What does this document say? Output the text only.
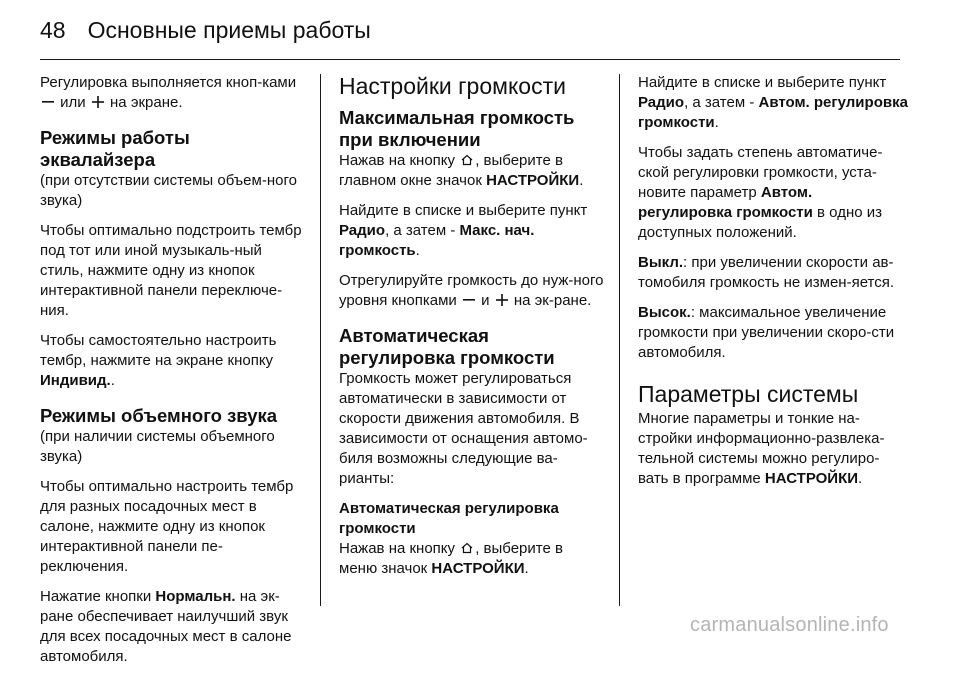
48 Основные приемы работы

Регулировка выполняется кноп-ками  или  на экране.

Режимы работы эквалайзера

(при отсутствии системы объем-ного звука)

Чтобы оптимально подстроить тембр под тот или иной музыкаль-ный стиль, нажмите одну из кнопок интерактивной панели переключе-ния.

Чтобы самостоятельно настроить тембр, нажмите на экране кнопку Индивид..

Режимы объемного звука

(при наличии системы объемного звука)

Чтобы оптимально настроить тембр для разных посадочных мест в салоне, нажмите одну из кнопок интерактивной панели пе-реключения.

Нажатие кнопки Нормальн. на эк-ране обеспечивает наилучший звук для всех посадочных мест в салоне автомобиля.

Настройки громкости
Максимальная громкость при включении

Нажав на кнопку , выберите в главном окне значок НАСТРОЙКИ.

Найдите в списке и выберите пункт Радио, а затем - Макс. нач. громкость.

Отрегулируйте громкость до нуж-ного уровня кнопками  и  на эк-ране.

Автоматическая регулировка громкости

Громкость может регулироваться автоматически в зависимости от скорости движения автомобиля. В зависимости от оснащения автомо-биля возможны следующие ва-рианты:

Автоматическая регулировка громкости

Нажав на кнопку , выберите в меню значок НАСТРОЙКИ.

Найдите в списке и выберите пункт Радио, а затем - Автом. регулировка громкости.

Чтобы задать степень автоматиче-ской регулировки громкости, уста-новите параметр Автом. регулировка громкости в одно из доступных положений.

Выкл.: при увеличении скорости ав-томобиля громкость не измен-яется.

Высок.: максимальное увеличение громкости при увеличении скоро-сти автомобиля.

Параметры системы

Многие параметры и тонкие на-стройки информационно-развлека-тельной системы можно регулиро-вать в программе НАСТРОЙКИ.

carmanualsonline.info
